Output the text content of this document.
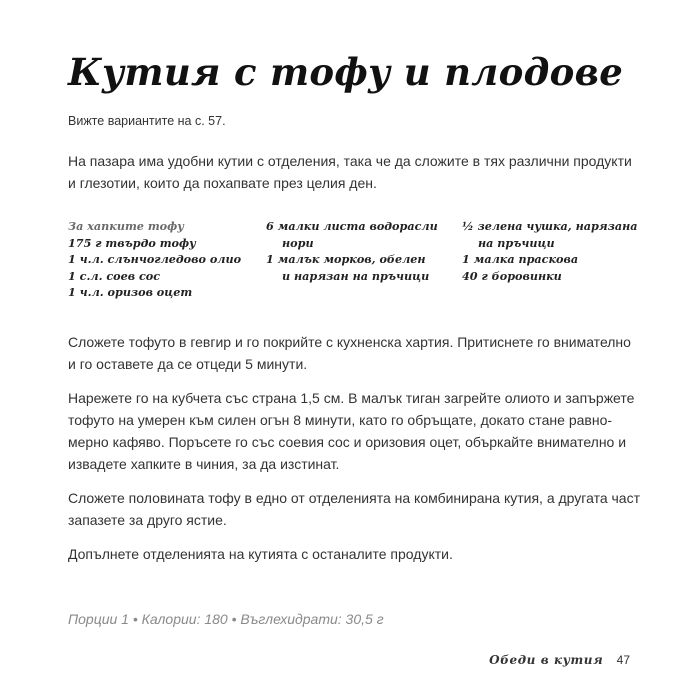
Кутия с тофу и плодове
Вижте вариантите на с. 57.

На пазара има удобни кутии с отделения, така че да сложите в тях различни продукти
и глезотии, които да похапвате през целия ден.

За хапките тофу
175 г твърдо тофу
1 ч.л. слънчогледово олио
1 с.л. соев сос
1 ч.л. оризов оцет
6 малки листа водорасли
нори
1 малък морков, обелен
и нарязан на пръчици
½ зелена чушка, нарязана
на пръчици
1 малка праскова
40 г боровинки

Сложете тофуто в гевгир и го покрийте с кухненска хартия. Притиснете го внимателно
и го оставете да се отцеди 5 минути.

Нарежете го на кубчета със страна 1,5 см. В малък тиган загрейте олиото и запържете
тофуто на умерен към силен огън 8 минути, като го обръщате, докато стане равно-
мерно кафяво. Поръсете го със соевия сос и оризовия оцет, объркайте внимателно и
извадете хапките в чиния, за да изстинат.

Сложете половината тофу в едно от отделенията на комбинирана кутия, а другата част
запазете за друго ястие.

Допълнете отделенията на кутията с останалите продукти.

Порции 1 • Калории: 180 • Въглехидрати: 30,5 г
Обеди в кутия 47
